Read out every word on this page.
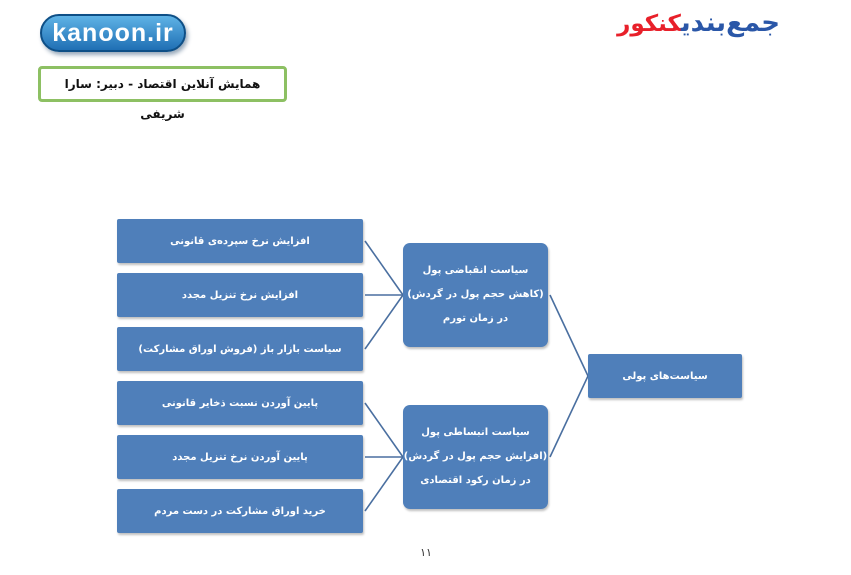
kanoon.ir	جمع‌بندیکنکور
همایش آنلاین اقتصاد - دبیر: سارا شریفی
سیاست‌های پولی
سیاست انقباضی پول
(کاهش حجم پول در گردش)
در زمان تورم
سیاست انبساطی پول
(افزایش حجم پول در گردش)
در زمان رکود اقتصادی
افزایش نرخ سپرده‌ی قانونی
افزایش نرخ تنزیل مجدد
سیاست بازار باز (فروش اوراق مشارکت)
پایین آوردن نسبت ذخایر قانونی
پایین آوردن نرخ تنزیل مجدد
خرید اوراق مشارکت در دست مردم
۱۱
